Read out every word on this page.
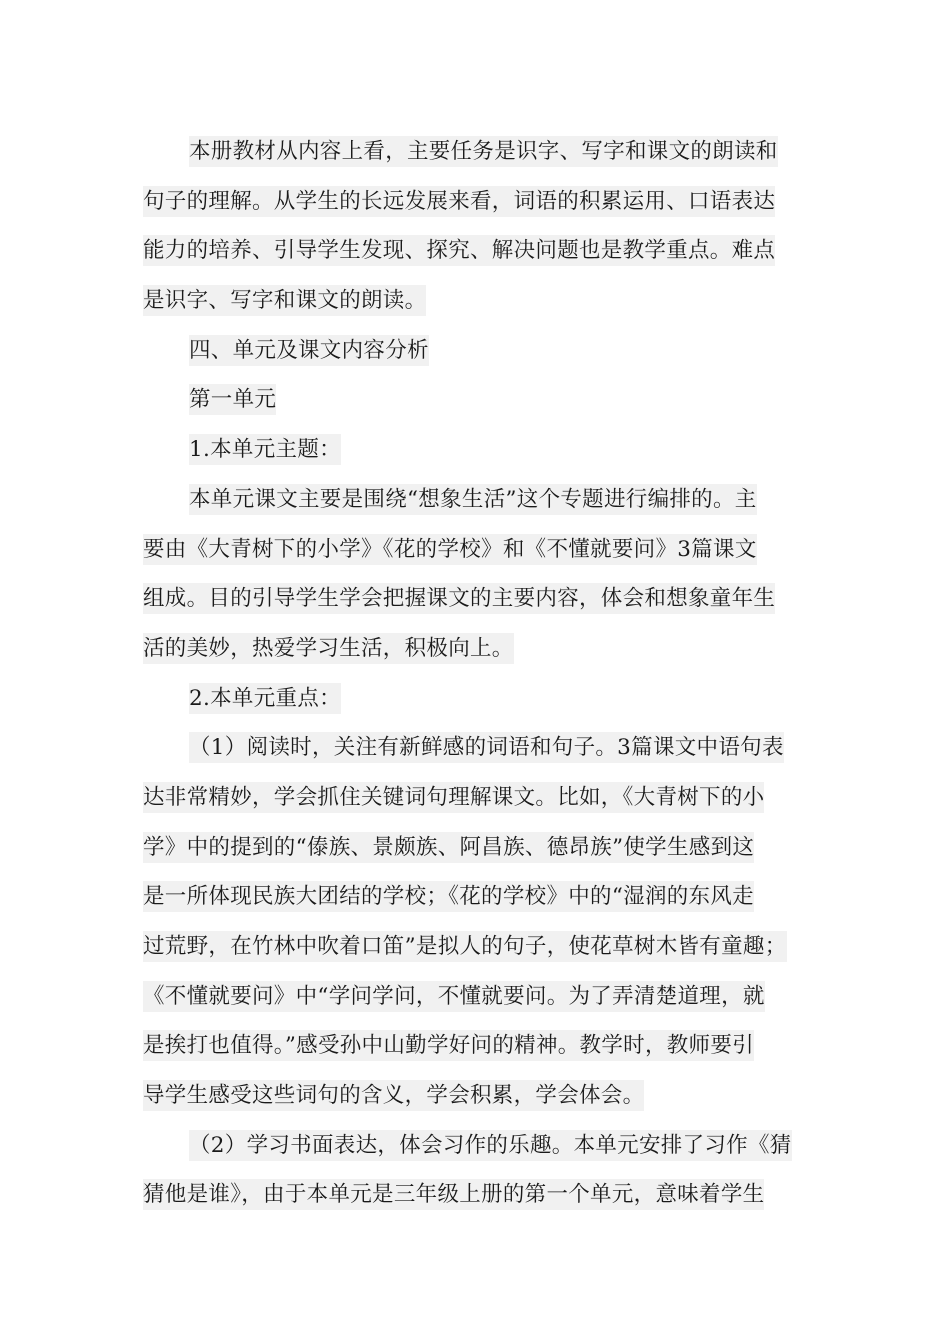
本册教材从内容上看，主要任务是识字、写字和课文的朗读和
句子的理解。从学生的长远发展来看，词语的积累运用、口语表达
能力的培养、引导学生发现、探究、解决问题也是教学重点。难点
是识字、写字和课文的朗读。
四、单元及课文内容分析
第一单元
1.本单元主题：
本单元课文主要是围绕“想象生活”这个专题进行编排的。主
要由《大青树下的小学》《花的学校》和《不懂就要问》3篇课文
组成。目的引导学生学会把握课文的主要内容，体会和想象童年生
活的美妙，热爱学习生活，积极向上。
2.本单元重点：
（1）阅读时，关注有新鲜感的词语和句子。3篇课文中语句表
达非常精妙，学会抓住关键词句理解课文。比如，《大青树下的小
学》中的提到的“傣族、景颇族、阿昌族、德昂族”使学生感到这
是一所体现民族大团结的学校；《花的学校》中的“湿润的东风走
过荒野，在竹林中吹着口笛”是拟人的句子，使花草树木皆有童趣；
《不懂就要问》中“学问学问，不懂就要问。为了弄清楚道理，就
是挨打也值得。”感受孙中山勤学好问的精神。教学时，教师要引
导学生感受这些词句的含义，学会积累，学会体会。
（2）学习书面表达，体会习作的乐趣。本单元安排了习作《猜
猜他是谁》，由于本单元是三年级上册的第一个单元，意味着学生
